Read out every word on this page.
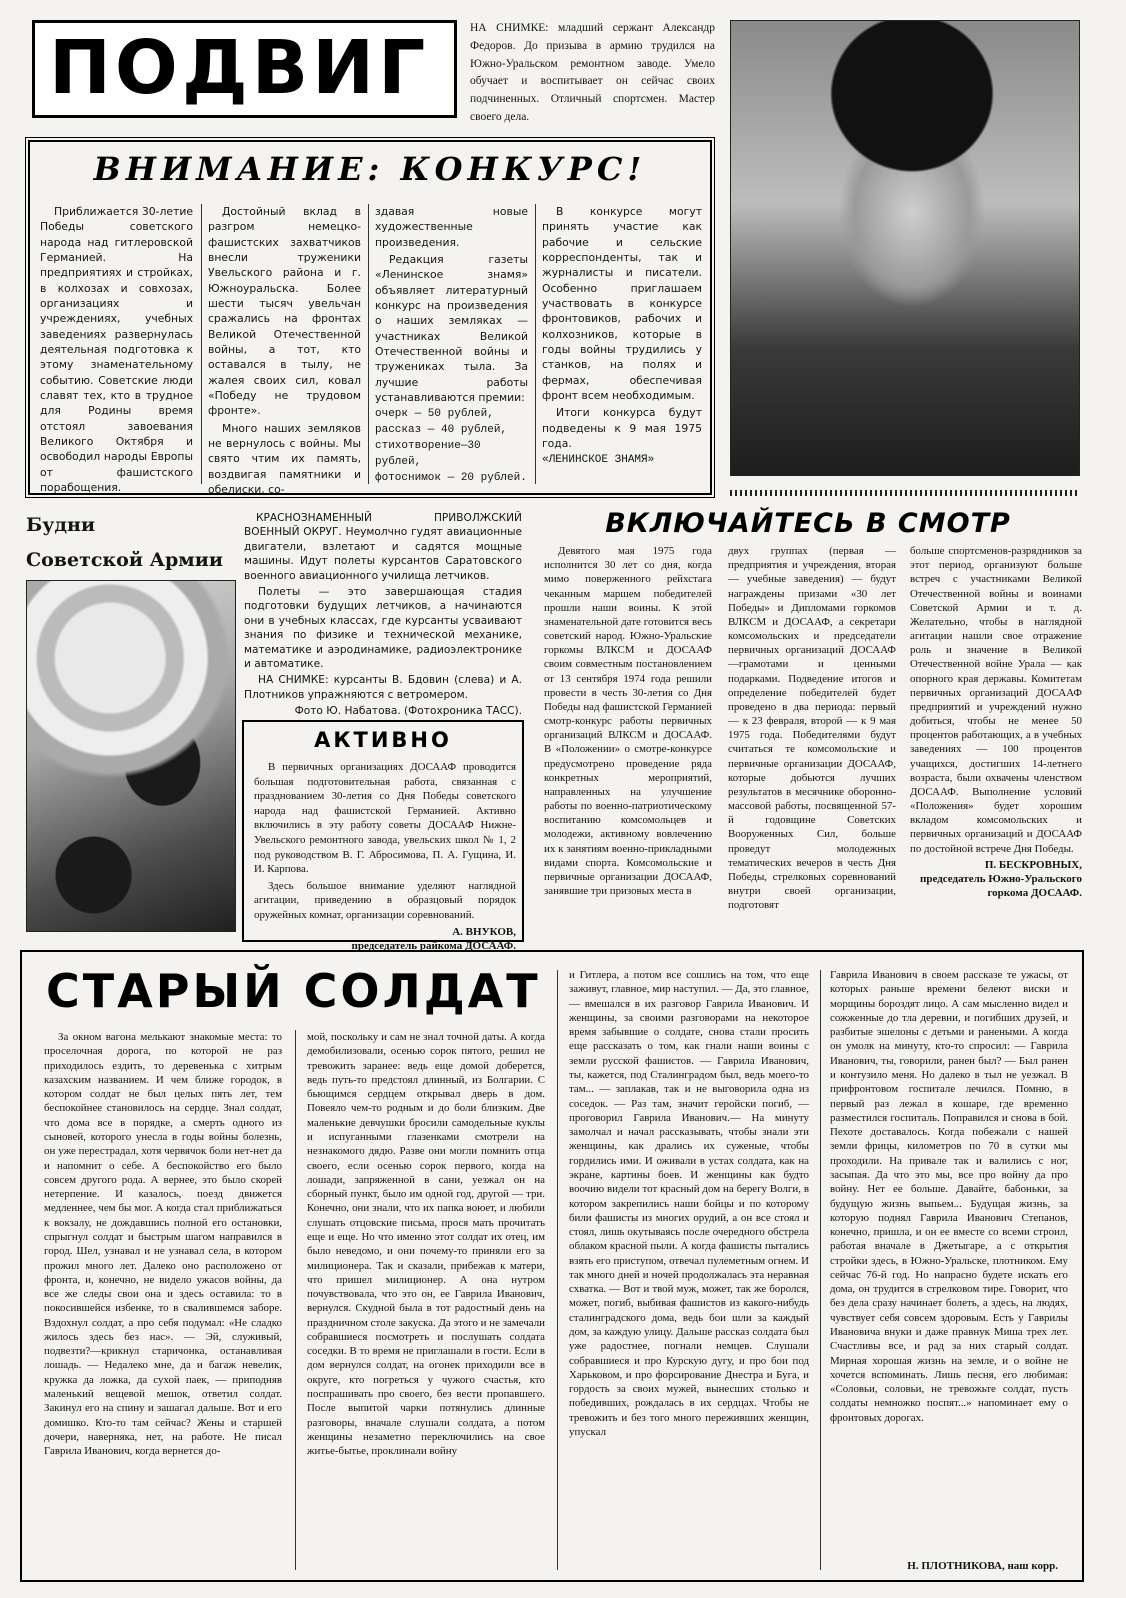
ПОДВИГ	НА СНИМКЕ: младший сержант Александр Федоров. До призыва в армию трудился на Южно-Уральском ремонтном заводе. Умело обучает и воспитывает он сейчас своих подчиненных. Отличный спортсмен. Мастер своего дела.
ВНИМАНИЕ: КОНКУРС!

Приближается 30-летие Победы советского народа над гитлеровской Германией. На предприятиях и стройках, в колхозах и совхозах, организациях и учреждениях, учебных заведениях развернулась деятельная подготовка к этому знаменательному событию. Советские люди славят тех, кто в трудное для Родины время отстоял завоевания Великого Октября и освободил народы Европы от фашистского порабощения.

Достойный вклад в разгром немецко-фашистских захватчиков внесли труженики Увельского района и г. Южноуральска. Более шести тысяч увельчан сражались на фронтах Великой Отечественной войны, а тот, кто оставался в тылу, не жалея своих сил, ковал «Победу не трудовом фронте».

Много наших земляков не вернулось с войны. Мы свято чтим их память, воздвигая памятники и обелиски, со-

здавая новые художественные произведения.

Редакция газеты «Ленинское знамя» объявляет литературный конкурс на произведения о наших земляках — участниках Великой Отечественной войны и тружениках тыла. За лучшие работы устанавливаются премии:

очерк — 50 рублей,
рассказ — 40 рублей,
стихотворение—30 рублей,
фотоснимок — 20 рублей.

В конкурсе могут принять участие как рабочие и сельские корреспонденты, так и журналисты и писатели. Особенно приглашаем участвовать в конкурсе фронтовиков, рабочих и колхозников, которые в годы войны трудились у станков, на полях и фермах, обеспечивая фронт всем необходимым.

Итоги конкурса будут подведены к 9 мая 1975 года.

«ЛЕНИНСКОЕ ЗНАМЯ»
Будни
Советской Армии

КРАСНОЗНАМЕННЫЙ ПРИВОЛЖСКИЙ ВОЕННЫЙ ОКРУГ. Неумолчно гудят авиационные двигатели, взлетают и садятся мощные машины. Идут полеты курсантов Саратовского военного авиационного училища летчиков.

Полеты — это завершающая стадия подготовки будущих летчиков, а начинаются они в учебных классах, где курсанты усваивают знания по физике и технической механике, математике и аэродинамике, радиоэлектронике и автоматике.

НА СНИМКЕ: курсанты В. Бдовин (слева) и А. Плотников упражняются с ветромером.

Фото Ю. Набатова. (Фотохроника ТАСС).
АКТИВНО

В первичных организациях ДОСААФ проводится большая подготовительная работа, связанная с празднованием 30-летия со Дня Победы советского народа над фашистской Германией. Активно включились в эту работу советы ДОСААФ Нижне-Увельского ремонтного завода, увельских школ № 1, 2 под руководством В. Г. Абросимова, П. А. Гущина, И. И. Карпова.

Здесь большое внимание уделяют наглядной агитации, приведению в образцовый порядок оружейных комнат, организации соревнований.

А. ВНУКОВ,
председатель райкома ДОСААФ.
ВКЛЮЧАЙТЕСЬ В СМОТР

Девятого мая 1975 года исполнится 30 лет со дня, когда мимо поверженного рейхстага чеканным маршем победителей прошли наши воины. К этой знаменательной дате готовится весь советский народ. Южно-Уральские горкомы ВЛКСМ и ДОСААФ своим совместным постановлением от 13 сентября 1974 года решили провести в честь 30-летия со Дня Победы над фашистской Германией смотр-конкурс работы первичных организаций ВЛКСМ и ДОСААФ. В «Положении» о смотре-конкурсе предусмотрено проведение ряда конкретных мероприятий, направленных на улучшение работы по военно-патриотическому воспитанию комсомольцев и молодежи, активному вовлечению их к занятиям военно-прикладными видами спорта. Комсомольские и первичные организации ДОСААФ, занявшие три призовых места в

двух группах (первая — предприятия и учреждения, вторая — учебные заведения) — будут награждены призами «30 лет Победы» и Дипломами горкомов ВЛКСМ и ДОСААФ, а секретари комсомольских и председатели первичных организаций ДОСААФ —грамотами и ценными подарками. Подведение итогов и определение победителей будет проведено в два периода: первый — к 23 февраля, второй — к 9 мая 1975 года. Победителями будут считаться те комсомольские и первичные организации ДОСААФ, которые добьются лучших результатов в месячнике оборонно-массовой работы, посвященной 57-й годовщине Советских Вооруженных Сил, больше проведут молодежных тематических вечеров в честь Дня Победы, стрелковых соревнований внутри своей организации, подготовят

больше спортсменов-разрядников за этот период, организуют больше встреч с участниками Великой Отечественной войны и воинами Советской Армии и т. д. Желательно, чтобы в наглядной агитации нашли свое отражение роль и значение в Великой Отечественной войне Урала — как опорного края державы. Комитетам первичных организаций ДОСААФ предприятий и учреждений нужно добиться, чтобы не менее 50 процентов работающих, а в учебных заведениях — 100 процентов учащихся, достигших 14-летнего возраста, были охвачены членством ДОСААФ. Выполнение условий «Положения» будет хорошим вкладом комсомольских и первичных организаций и ДОСААФ по достойной встрече Дня Победы.

П. БЕСКРОВНЫХ,
председатель Южно-Уральского горкома ДОСААФ.
СТАРЫЙ СОЛДАТ

За окном вагона мелькают знакомые места: то проселочная дорога, по которой не раз приходилось ездить, то деревенька с хитрым казахским названием. И чем ближе городок, в котором солдат не был целых пять лет, тем беспокойнее становилось на сердце. Знал солдат, что дома все в порядке, а смерть одного из сыновей, которого унесла в годы войны болезнь, он уже перестрадал, хотя червячок боли нет-нет да и напомнит о себе. А беспокойство его было совсем другого рода. А вернее, это было скорей нетерпение. И казалось, поезд движется медленнее, чем бы мог. А когда стал приближаться к вокзалу, не дождавшись полной его остановки, спрыгнул солдат и быстрым шагом направился в город. Шел, узнавал и не узнавал села, в котором прожил много лет. Далеко оно расположено от фронта, и, конечно, не видело ужасов войны, да все же следы свои она и здесь оставила: то в покосившейся избенке, то в свалившемся заборе. Вздохнул солдат, а про себя подумал: «Не сладко жилось здесь без нас». — Эй, служивый, подвезти?—крикнул старичонка, останавливая лошадь. — Недалеко мне, да и багаж невелик, кружка да ложка, да сухой паек, — приподняв маленький вещевой мешок, ответил солдат. Закинул его на спину и зашагал дальше. Вот и его домишко. Кто-то там сейчас? Жены и старшей дочери, наверняка, нет, на работе. Не писал Гаврила Иванович, когда вернется до-

мой, поскольку и сам не знал точной даты. А когда демобилизовали, осенью сорок пятого, решил не тревожить заранее: ведь еще домой доберется, ведь путь-то предстоял длинный, из Болгарии. С бьющимся сердцем открывал дверь в дом. Повеяло чем-то родным и до боли близким. Две маленькие девчушки бросили самодельные куклы и испуганными глазенками смотрели на незнакомого дядю. Разве они могли помнить отца своего, если осенью сорок первого, когда на лошади, запряженной в сани, уезжал он на сборный пункт, было им одной год, другой — три. Конечно, они знали, что их папка воюет, и любили слушать отцовские письма, прося мать прочитать еще и еще. Но что именно этот солдат их отец, им было неведомо, и они почему-то приняли его за милиционера. Так и сказали, прибежав к матери, что пришел милиционер. А она нутром почувствовала, что это он, ее Гаврила Иванович, вернулся. Скудной была в тот радостный день на праздничном столе закуска. Да этого и не замечали собравшиеся посмотреть и послушать солдата соседки. В то время не приглашали в гости. Если в дом вернулся солдат, на огонек приходили все в округе, кто погреться у чужого счастья, кто поспрашивать про своего, без вести пропавшего. После выпитой чарки потянулись длинные разговоры, вначале слушали солдата, а потом женщины незаметно переключились на свое житье-бытье, проклинали войну

и Гитлера, а потом все сошлись на том, что еще заживут, главное, мир наступил. — Да, это главное, — вмешался в их разговор Гаврила Иванович. И женщины, за своими разговорами на некоторое время забывшие о солдате, снова стали просить еще рассказать о том, как гнали наши воины с земли русской фашистов. — Гаврила Иванович, ты, кажется, под Сталинградом был, ведь моего-то там... — заплакав, так и не выговорила одна из соседок. — Раз там, значит геройски погиб, — проговорил Гаврила Иванович.— На минуту замолчал и начал рассказывать, чтобы знали эти женщины, как дрались их суженые, чтобы гордились ими. И оживали в устах солдата, как на экране, картины боев. И женщины как будто воочию видели тот красный дом на берегу Волги, в котором закрепились наши бойцы и по которому били фашисты из многих орудий, а он все стоял и стоял, лишь окутываясь после очередного обстрела облаком красной пыли. А когда фашисты пытались взять его приступом, отвечал пулеметным огнем. И так много дней и ночей продолжалась эта неравная схватка. — Вот и твой муж, может, так же боролся, может, погиб, выбивая фашистов из какого-нибудь сталинградского дома, ведь бои шли за каждый дом, за каждую улицу. Дальше рассказ солдата был уже радостнее, погнали немцев. Слушали собравшиеся и про Курскую дугу, и про бои под Харьковом, и про форсирование Днестра и Буга, и гордость за своих мужей, вынесших столько и победивших, рождалась в их сердцах. Чтобы не тревожить и без того много переживших женщин, упускал

Гаврила Иванович в своем рассказе те ужасы, от которых раньше времени белеют виски и морщины бороздят лицо. А сам мысленно видел и сожженные до тла деревни, и погибших друзей, и разбитые эшелоны с детьми и ранеными. А когда он умолк на минуту, кто-то спросил: — Гаврила Иванович, ты, говорили, ранен был? — Был ранен и контузило меня. Но далеко в тыл не уезжал. В прифронтовом госпитале лечился. Помню, в первый раз лежал в кошаре, где временно разместился госпиталь. Поправился и снова в бой. Пехоте доставалось. Когда побежали с нашей земли фрицы, километров по 70 в сутки мы проходили. На привале так и валились с ног, засыпая. Да что это мы, все про войну да про войну. Нет ее больше. Давайте, бабоньки, за будущую жизнь выпьем... Будущая жизнь, за которую поднял Гаврила Иванович Степанов, конечно, пришла, и он ее вместе со всеми строил, работая вначале в Джетыгаре, а с открытия стройки здесь, в Южно-Уральске, плотником. Ему сейчас 76-й год. Но напрасно будете искать его дома, он трудится в стрелковом тире. Говорит, что без дела сразу начинает болеть, а здесь, на людях, чувствует себя совсем здоровым. Есть у Гаврилы Ивановича внуки и даже правнук Миша трех лет. Счастливы все, и рад за них старый солдат. Мирная хорошая жизнь на земле, и о войне не хочется вспоминать. Лишь песня, его любимая: «Соловьи, соловьи, не тревожьте солдат, пусть солдаты немножко поспят...» напоминает ему о фронтовых дорогах.

Н. ПЛОТНИКОВА, наш корр.
